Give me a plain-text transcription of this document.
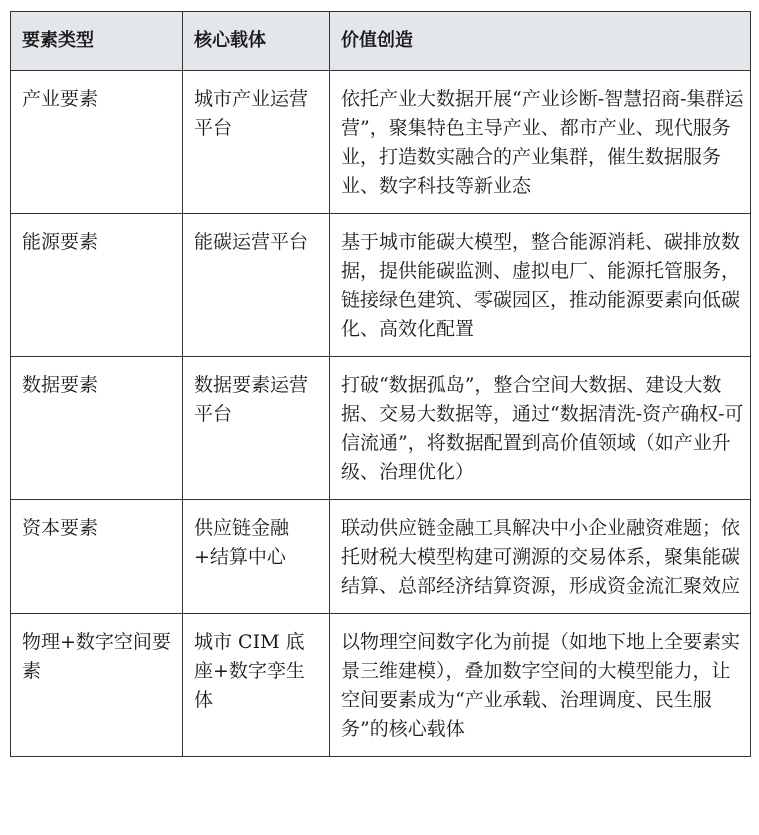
要素类型	核心载体	价值创造
产业要素	城市产业运营平台	依托产业大数据开展“产业诊断-智慧招商-集群运营”，聚集特色主导产业、都市产业、现代服务业，打造数实融合的产业集群，催生数据服务业、数字科技等新业态
能源要素	能碳运营平台	基于城市能碳大模型，整合能源消耗、碳排放数据，提供能碳监测、虚拟电厂、能源托管服务，链接绿色建筑、零碳园区，推动能源要素向低碳化、高效化配置
数据要素	数据要素运营平台	打破“数据孤岛”，整合空间大数据、建设大数据、交易大数据等，通过“数据清洗-资产确权-可信流通”，将数据配置到高价值领域（如产业升级、治理优化）
资本要素	供应链金融+结算中心	联动供应链金融工具解决中小企业融资难题；依托财税大模型构建可溯源的交易体系，聚集能碳结算、总部经济结算资源，形成资金流汇聚效应
物理+数字空间要素	城市 CIM 底座+数字孪生体	以物理空间数字化为前提（如地下地上全要素实景三维建模），叠加数字空间的大模型能力，让空间要素成为“产业承载、治理调度、民生服务”的核心载体
